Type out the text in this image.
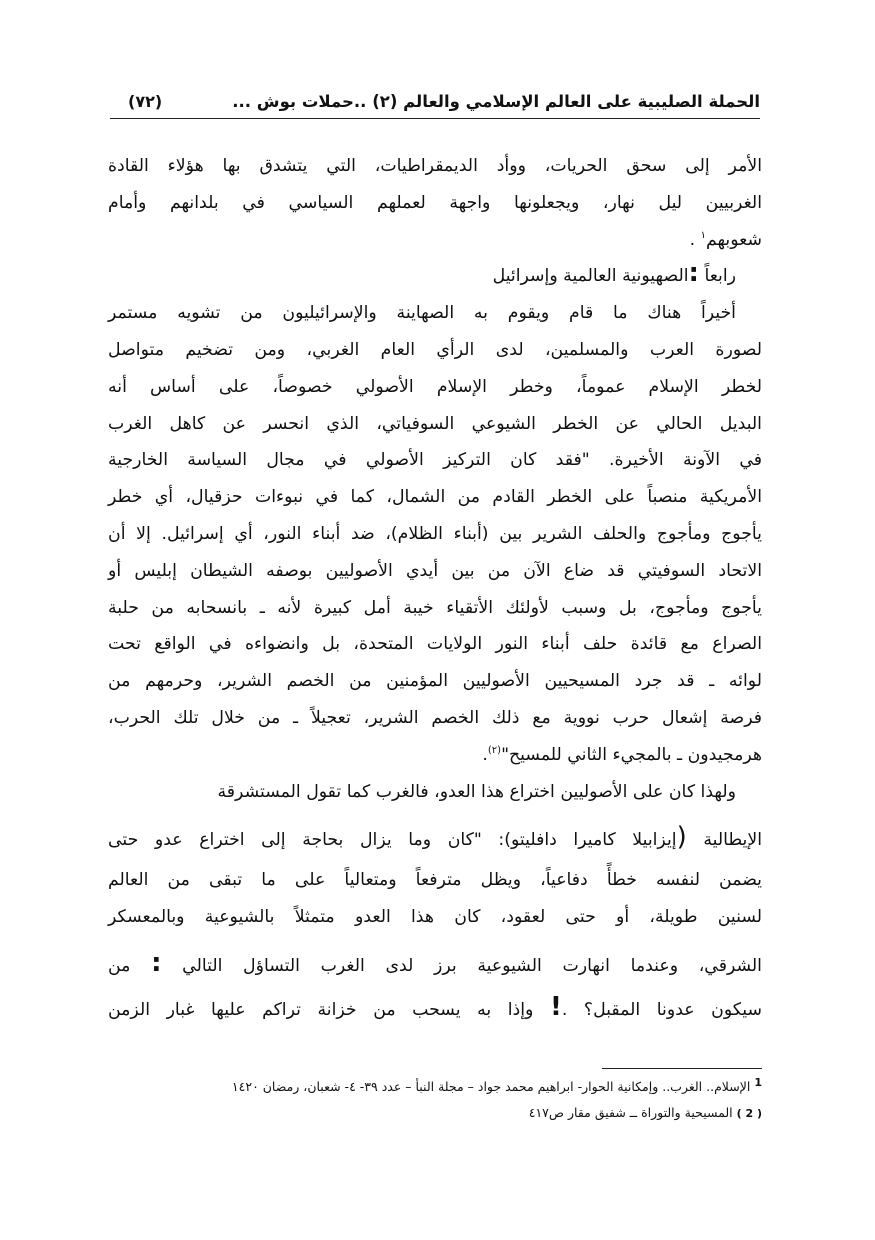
الحملة الصليبية على العالم الإسلامي والعالم (٢) ..حملات بوش ...
(٧٢)
الأمر إلى سحق الحريات، ووأد الديمقراطيات، التي يتشدق بها هؤلاء القادة
الغربيين ليل نهار، ويجعلونها واجهة لعملهم السياسي في بلدانهم وأمام
شعوبهم$^١$ .
رابعاً :الصهيونية العالمية وإسرائيل
أخيراً هناك ما قام ويقوم به الصهاينة والإسرائيليون من تشويه مستمر
لصورة العرب والمسلمين، لدى الرأي العام الغربي، ومن تضخيم متواصل
لخطر الإسلام عموماً، وخطر الإسلام الأصولي خصوصاً، على أساس أنه
البديل الحالي عن الخطر الشيوعي السوفياتي، الذي انحسر عن كاهل الغرب
في الآونة الأخيرة. "فقد كان التركيز الأصولي في مجال السياسة الخارجية
الأمريكية منصباً على الخطر القادم من الشمال، كما في نبوءات حزقيال، أي خطر
يأجوج ومأجوج والحلف الشرير بين (أبناء الظلام)، ضد أبناء النور، أي إسرائيل. إلا أن
الاتحاد السوفيتي قد ضاع الآن من بين أيدي الأصوليين بوصفه الشيطان إبليس أو
يأجوج ومأجوج، بل وسبب لأولئك الأتقياء خيبة أمل كبيرة لأنه ـ بانسحابه من حلبة
الصراع مع قائدة حلف أبناء النور الولايات المتحدة، بل وانضواءه في الواقع تحت
لوائه ـ قد جرد المسيحيين الأصوليين المؤمنين من الخصم الشرير، وحرمهم من
فرصة إشعال حرب نووية مع ذلك الخصم الشرير، تعجيلاً ـ من خلال تلك الحرب،
هرمجيدون ـ بالمجيء الثاني للمسيح"$^{(٢)}$.
ولهذا كان على الأصوليين اختراع هذا العدو، فالغرب كما تقول المستشرقة
الإيطالية (إيزابيلا كاميرا دافليتو): "كان وما يزال بحاجة إلى اختراع عدو حتى
يضمن لنفسه خطأً دفاعياً، ويظل مترفعاً ومتعالياً على ما تبقى من العالم
لسنين طويلة، أو حتى لعقود، كان هذا العدو متمثلاً بالشيوعية وبالمعسكر
الشرقي، وعندما انهارت الشيوعية برز لدى الغرب التساؤل التالي : من
سيكون عدونا المقبل؟ .! وإذا به يسحب من خزانة تراكم عليها غبار الزمن
$^1$ الإسلام.. الغرب.. وإمكانية الحوار- ابراهيم محمد جواد – مجلة النبأ – عدد ٣٩- ٤- شعبان، رمضان ١٤٢٠
( 2 ) المسيحية والتوراة ــ شفيق مقار ص٤١٧
